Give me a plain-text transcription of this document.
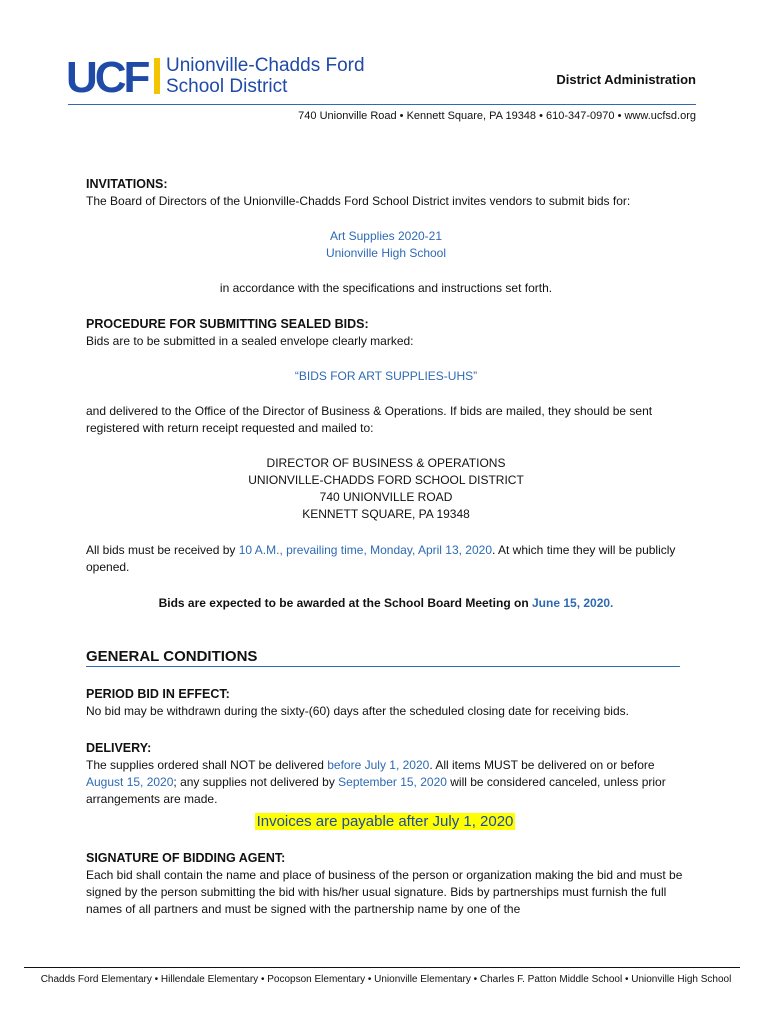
UCF Unionville-Chadds Ford
School District	District Administration
740 Unionville Road • Kennett Square, PA 19348 • 610-347-0970 • www.ucfsd.org

INVITATIONS:

The Board of Directors of the Unionville-Chadds Ford School District invites vendors to submit bids for:

Art Supplies 2020-21

Unionville High School

in accordance with the specifications and instructions set forth.

PROCEDURE FOR SUBMITTING SEALED BIDS:

Bids are to be submitted in a sealed envelope clearly marked:

“BIDS FOR ART SUPPLIES-UHS”
and delivered to the Office of the Director of Business & Operations. If bids are mailed, they should be sent registered with return receipt requested and mailed to:

DIRECTOR OF BUSINESS & OPERATIONS

UNIONVILLE-CHADDS FORD SCHOOL DISTRICT

740 UNIONVILLE ROAD

KENNETT SQUARE, PA 19348

All bids must be received by 10 A.M., prevailing time, Monday, April 13, 2020. At which time they will be publicly opened.
Bids are expected to be awarded at the School Board Meeting on June 15, 2020.
GENERAL CONDITIONS

PERIOD BID IN EFFECT:

No bid may be withdrawn during the sixty-(60) days after the scheduled closing date for receiving bids.

DELIVERY:

The supplies ordered shall NOT be delivered before July 1, 2020. All items MUST be delivered on or before August 15, 2020; any supplies not delivered by September 15, 2020 will be considered canceled, unless prior arrangements are made.

Invoices are payable after July 1, 2020

SIGNATURE OF BIDDING AGENT:

Each bid shall contain the name and place of business of the person or organization making the bid and must be signed by the person submitting the bid with his/her usual signature. Bids by partnerships must furnish the full names of all partners and must be signed with the partnership name by one of the

Chadds Ford Elementary • Hillendale Elementary • Pocopson Elementary • Unionville Elementary • Charles F. Patton Middle School • Unionville High School
